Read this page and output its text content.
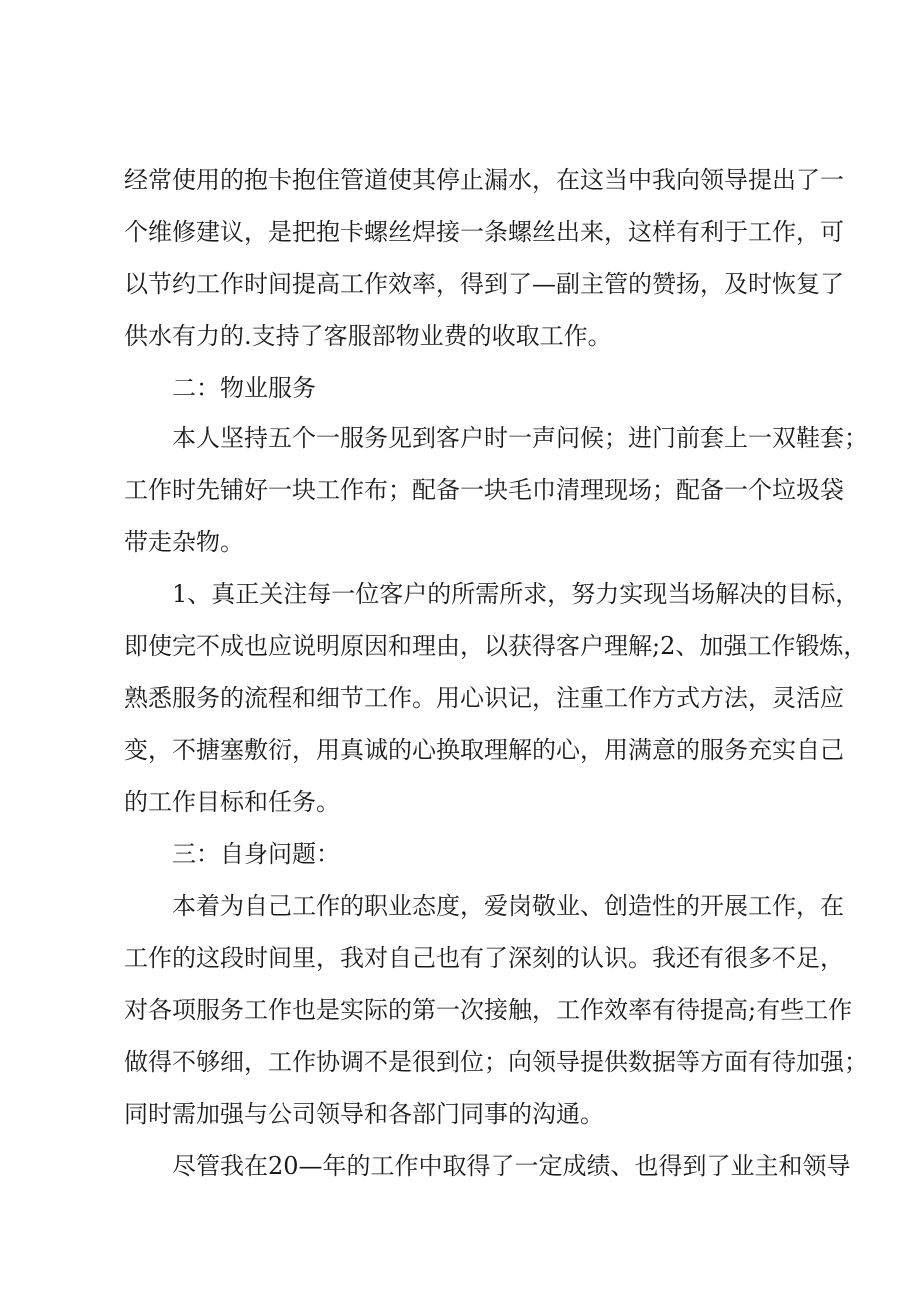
经常使用的抱卡抱住管道使其停止漏水，在这当中我向领导提出了一
个维修建议，是把抱卡螺丝焊接一条螺丝出来，这样有利于工作，可
以节约工作时间提高工作效率，得到了—副主管的赞扬，及时恢复了
供水有力的.支持了客服部物业费的收取工作。
二：物业服务
本人坚持五个一服务见到客户时一声问候；进门前套上一双鞋套；
工作时先铺好一块工作布；配备一块毛巾清理现场；配备一个垃圾袋
带走杂物。
1、真正关注每一位客户的所需所求，努力实现当场解决的目标，
即使完不成也应说明原因和理由，以获得客户理解;2、加强工作锻炼，
熟悉服务的流程和细节工作。用心识记，注重工作方式方法，灵活应
变，不搪塞敷衍，用真诚的心换取理解的心，用满意的服务充实自己
的工作目标和任务。
三：自身问题：
本着为自己工作的职业态度，爱岗敬业、创造性的开展工作，在
工作的这段时间里，我对自己也有了深刻的认识。我还有很多不足，
对各项服务工作也是实际的第一次接触，工作效率有待提高;有些工作
做得不够细，工作协调不是很到位；向领导提供数据等方面有待加强；
同时需加强与公司领导和各部门同事的沟通。
尽管我在20—年的工作中取得了一定成绩、也得到了业主和领导
